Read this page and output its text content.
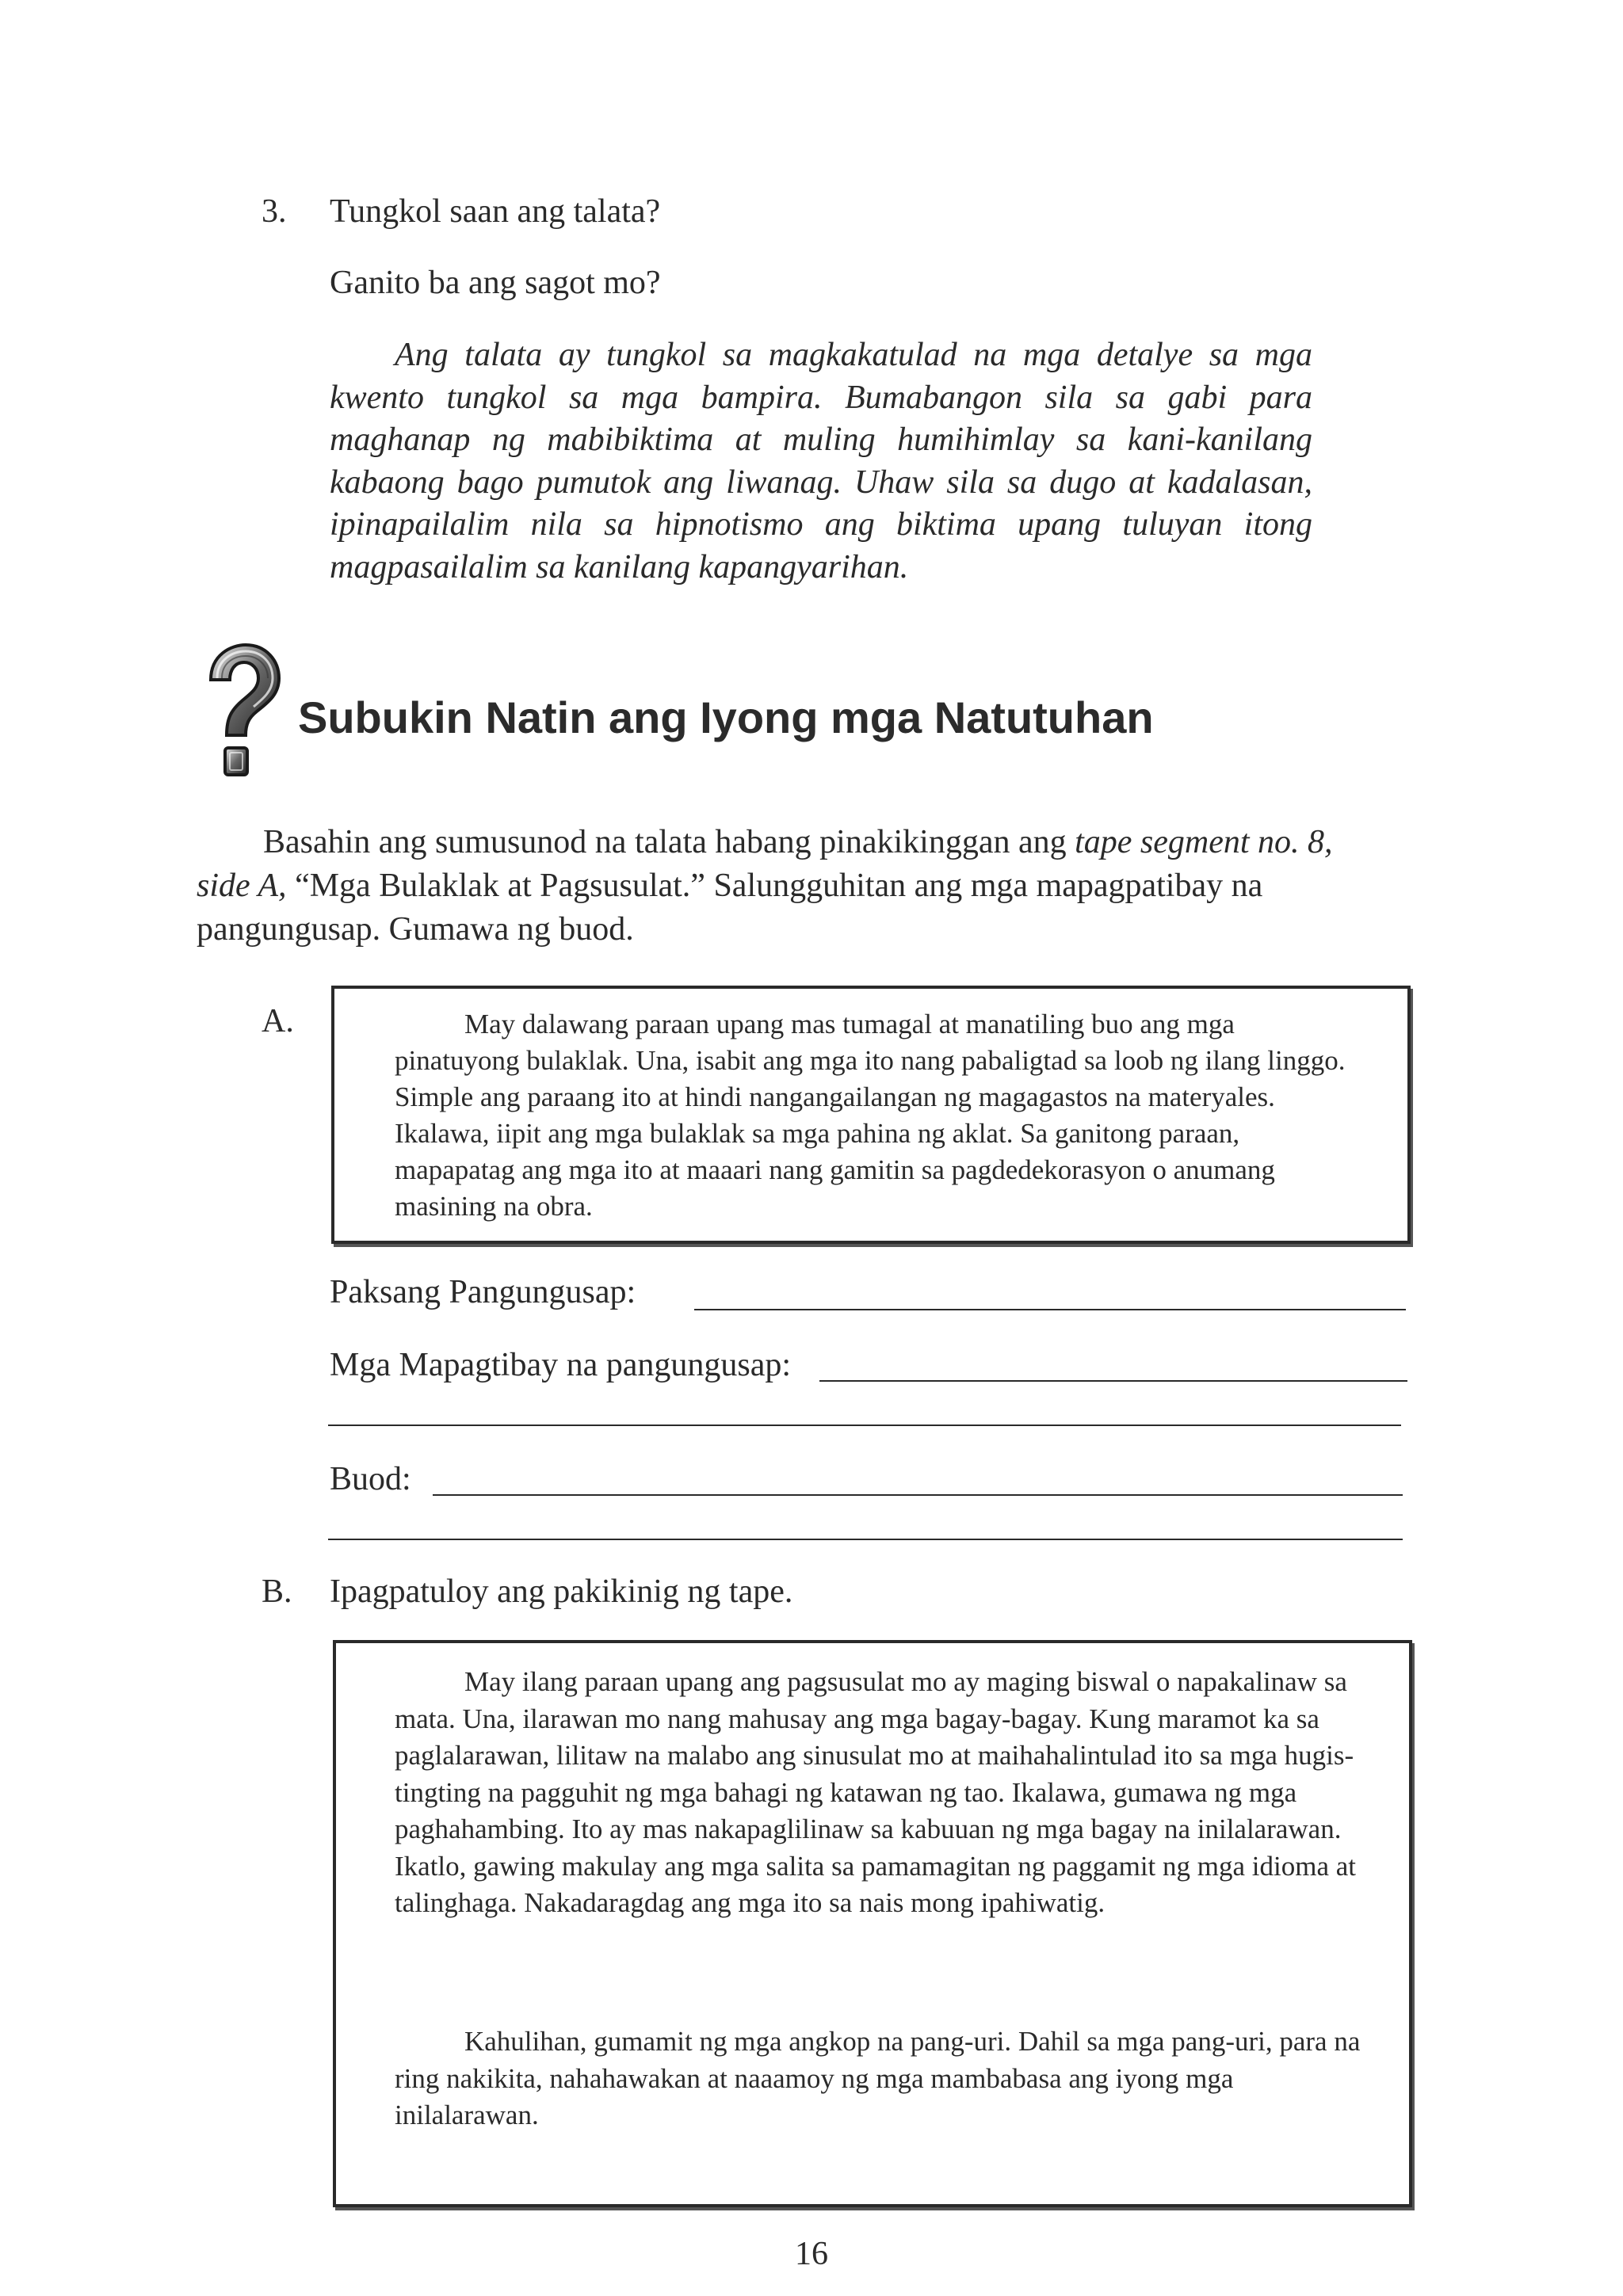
3. Tungkol saan ang talata?
Ganito ba ang sagot mo?
Ang talata ay tungkol sa magkakatulad na mga detalye sa mga kwento tungkol sa mga bampira. Bumabangon sila sa gabi para maghanap ng mabibiktima at muling humihimlay sa kani-kanilang kabaong bago pumutok ang liwanag. Uhaw sila sa dugo at kadalasan, ipinapailalim nila sa hipnotismo ang biktima upang tuluyan itong magpasailalim sa kanilang kapangyarihan.
Subukin Natin ang Iyong mga Natutuhan
Basahin ang sumusunod na talata habang pinakikinggan ang tape segment no. 8, side A, “Mga Bulaklak at Pagsusulat.” Salungguhitan ang mga mapagpatibay na pangungusap. Gumawa ng buod.
A.	May dalawang paraan upang mas tumagal at manatiling buo ang mga pinatuyong bulaklak. Una, isabit ang mga ito nang pabaligtad sa loob ng ilang linggo. Simple ang paraang ito at hindi nangangailangan ng magagastos na materyales. Ikalawa, iipit ang mga bulaklak sa mga pahina ng aklat. Sa ganitong paraan, mapapatag ang mga ito at maaari nang gamitin sa pagdedekorasyon o anumang masining na obra.
Paksang Pangungusap:
Mga Mapagtibay na pangungusap:
Buod:
B. Ipagpatuloy ang pakikinig ng tape.
May ilang paraan upang ang pagsusulat mo ay maging biswal o napakalinaw sa mata. Una, ilarawan mo nang mahusay ang mga bagay-bagay. Kung maramot ka sa paglalarawan, lilitaw na malabo ang sinusulat mo at maihahalintulad ito sa mga hugis-tingting na pagguhit ng mga bahagi ng katawan ng tao. Ikalawa, gumawa ng mga paghahambing. Ito ay mas nakapaglilinaw sa kabuuan ng mga bagay na inilalarawan. Ikatlo, gawing makulay ang mga salita sa pamamagitan ng paggamit ng mga idioma at talinghaga. Nakadaragdag ang mga ito sa nais mong ipahiwatig.
Kahulihan, gumamit ng mga angkop na pang-uri. Dahil sa mga pang-uri, para na ring nakikita, nahahawakan at naaamoy ng mga mambabasa ang iyong mga inilalarawan.
16
